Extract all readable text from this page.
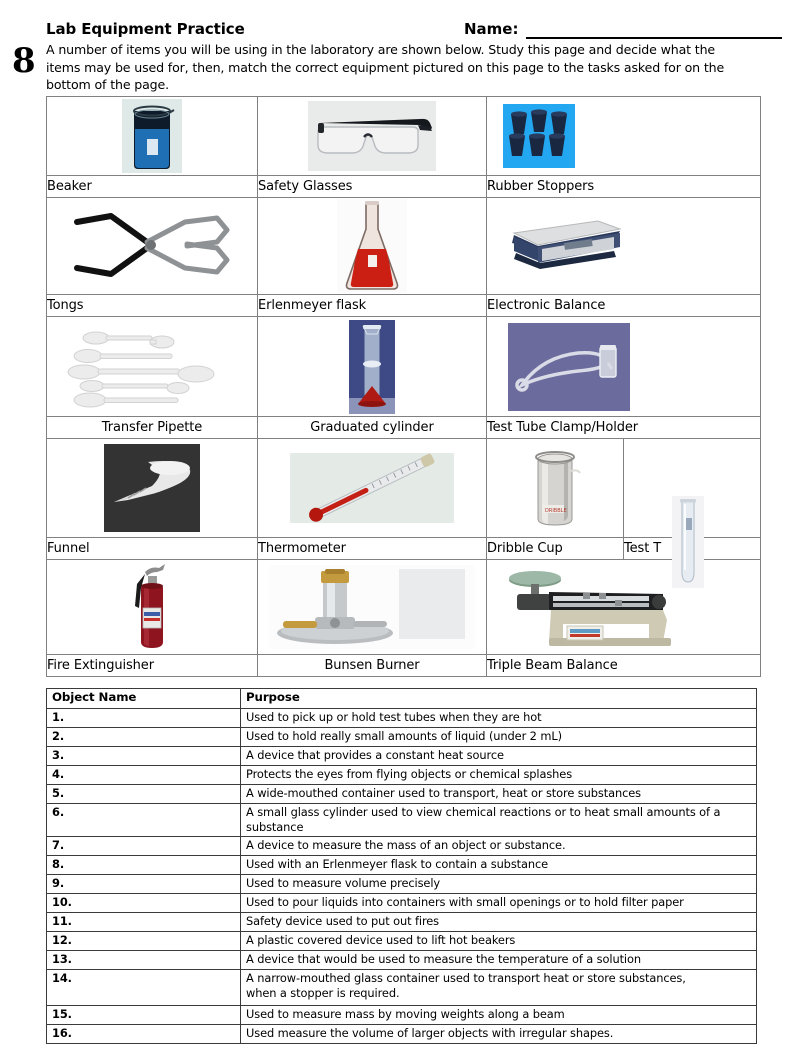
Lab Equipment Practice	Name:
8 A number of items you will be using in the laboratory are shown below. Study this page and decide what the items may be used for, then, match the correct equipment pictured on this page to the tasks asked for on the bottom of the page.

Beaker	Safety Glasses	Rubber Stoppers	

Tongs	Erlenmeyer flask	Electronic Balance	

Transfer Pipette	Graduated cylinder	Test Tube Clamp/Holder	

DRIBBLE	

Funnel	Thermometer	Dribble Cup	Test T

Fire Extinguisher	Bunsen Burner	Triple Beam Balance	
Object Name	Purpose
1.	Used to pick up or hold test tubes when they are hot
2.	Used to hold really small amounts of liquid (under 2 mL)
3.	A device that provides a constant heat source
4.	Protects the eyes from flying objects or chemical splashes
5.	A wide-mouthed container used to transport, heat or store substances
6.	A small glass cylinder used to view chemical reactions or to heat small amounts of a substance
7.	A device to measure the mass of an object or substance.
8.	Used with an Erlenmeyer flask to contain a substance
9.	Used to measure volume precisely
10.	Used to pour liquids into containers with small openings or to hold filter paper
11.	Safety device used to put out fires
12.	A plastic covered device used to lift hot beakers
13.	A device that would be used to measure the temperature of a solution
14.	A narrow-mouthed glass container used to transport heat or store substances, when a stopper is required.
15.	Used to measure mass by moving weights along a beam
16.	Used measure the volume of larger objects with irregular shapes.
